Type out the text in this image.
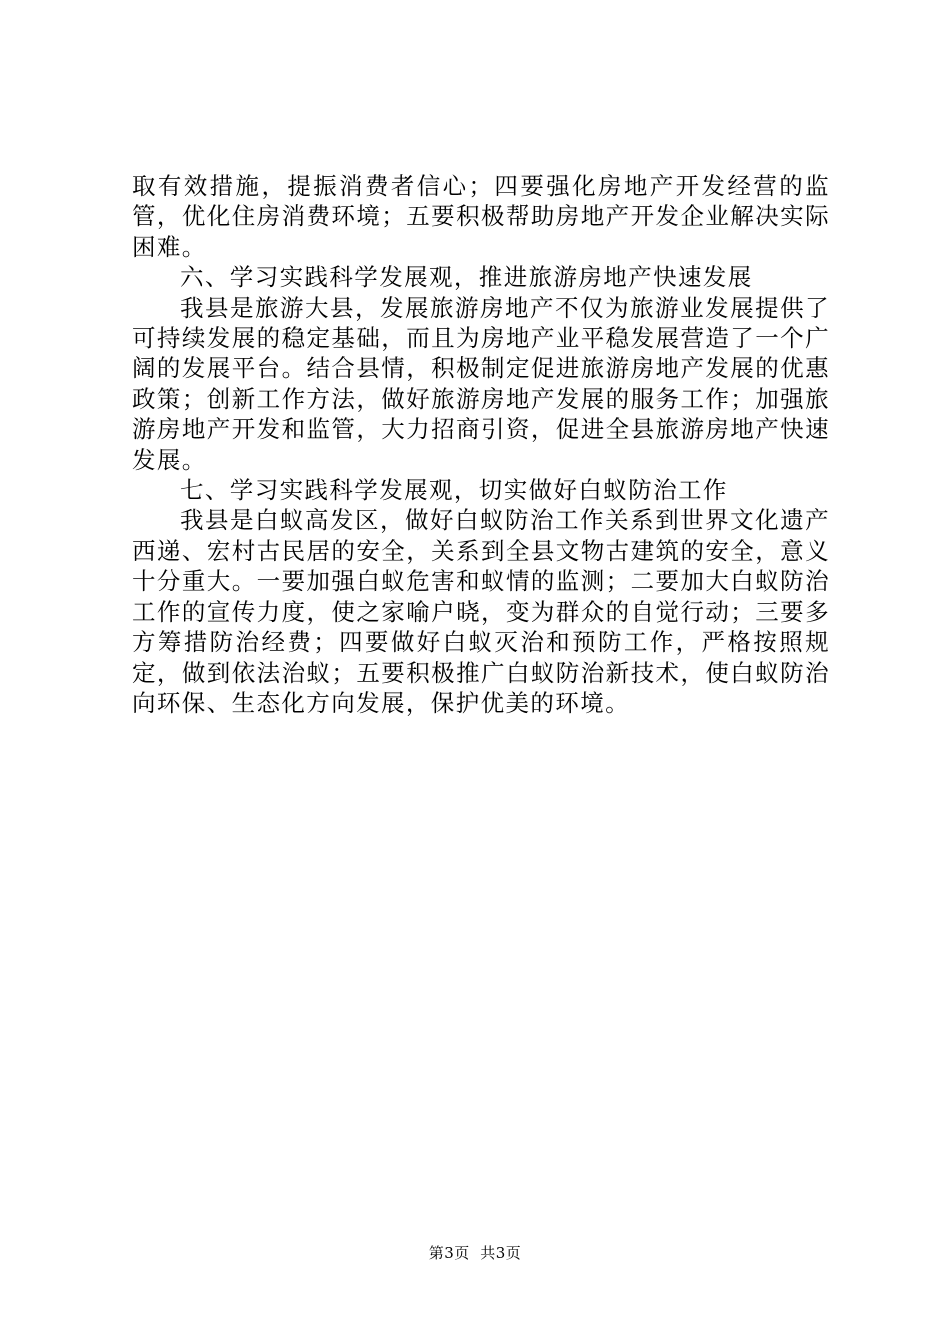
取有效措施，提振消费者信心；四要强化房地产开发经营的监管，优化住房消费环境；五要积极帮助房地产开发企业解决实际困难。

六、学习实践科学发展观，推进旅游房地产快速发展

我县是旅游大县，发展旅游房地产不仅为旅游业发展提供了可持续发展的稳定基础，而且为房地产业平稳发展营造了一个广阔的发展平台。结合县情，积极制定促进旅游房地产发展的优惠政策；创新工作方法，做好旅游房地产发展的服务工作；加强旅游房地产开发和监管，大力招商引资，促进全县旅游房地产快速发展。

七、学习实践科学发展观，切实做好白蚁防治工作

我县是白蚁高发区，做好白蚁防治工作关系到世界文化遗产西递、宏村古民居的安全，关系到全县文物古建筑的安全，意义十分重大。一要加强白蚁危害和蚁情的监测；二要加大白蚁防治工作的宣传力度，使之家喻户晓，变为群众的自觉行动；三要多方筹措防治经费；四要做好白蚁灭治和预防工作，严格按照规定，做到依法治蚁；五要积极推广白蚁防治新技术，使白蚁防治向环保、生态化方向发展，保护优美的环境。

第3页  共3页
